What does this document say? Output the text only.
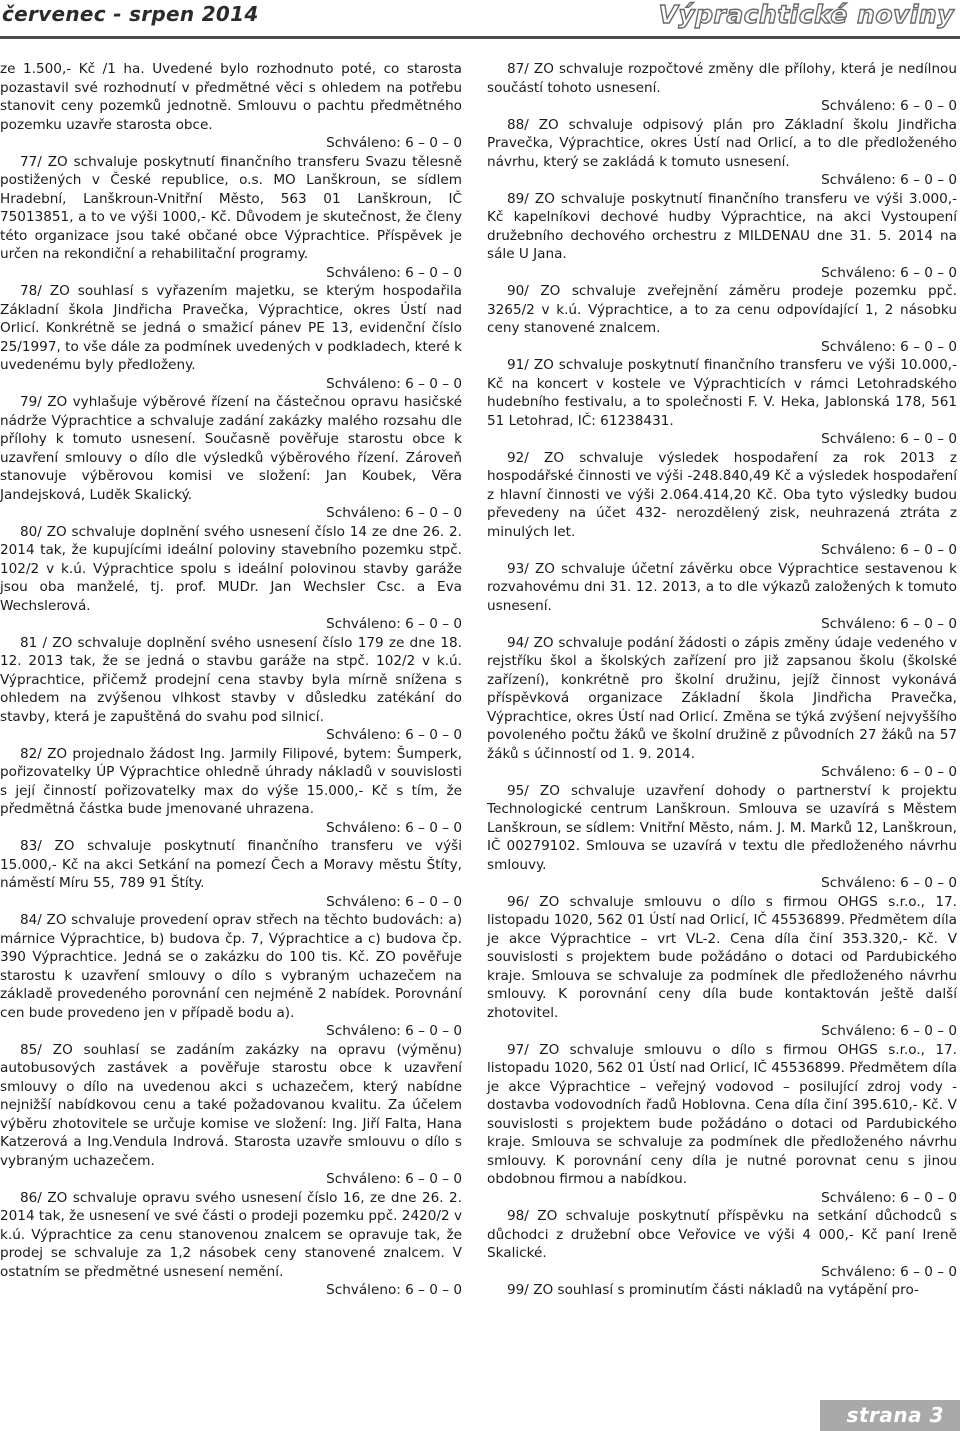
červenec - srpen 2014	Výprachtické noviny

ze 1.500,- Kč /1 ha. Uvedené bylo rozhodnuto poté, co starosta pozastavil své rozhodnutí v předmětné věci s ohledem na potřebu stanovit ceny pozemků jednotně. Smlouvu o pachtu předmětného pozemku uzavře starosta obce.

Schváleno: 6 – 0 – 0

77/ ZO schvaluje poskytnutí finančního transferu Svazu tělesně postižených v České republice, o.s. MO Lanškroun, se sídlem Hradební, Lanškroun-Vnitřní Město, 563 01 Lanškroun, IČ 75013851, a to ve výši 1000,- Kč. Důvodem je skutečnost, že členy této organizace jsou také občané obce Výprachtice. Příspěvek je určen na rekondiční a rehabilitační programy.

Schváleno: 6 – 0 – 0

78/ ZO souhlasí s vyřazením majetku, se kterým hospodařila Základní škola Jindřicha Pravečka, Výprachtice, okres Ústí nad Orlicí. Konkrétně se jedná o smažicí pánev PE 13, evidenční číslo 25/1997, to vše dále za podmínek uvedených v podkladech, které k uvedenému byly předloženy.

Schváleno: 6 – 0 – 0

79/ ZO vyhlašuje výběrové řízení na částečnou opravu hasičské nádrže Výprachtice a schvaluje zadání zakázky malého rozsahu dle přílohy k tomuto usnesení. Současně pověřuje starostu obce k uzavření smlouvy o dílo dle výsledků výběrového řízení. Zároveň stanovuje výběrovou komisi ve složení: Jan Koubek, Věra Jandejsková, Luděk Skalický.

Schváleno: 6 – 0 – 0

80/ ZO schvaluje doplnění svého usnesení číslo 14 ze dne 26. 2. 2014 tak, že kupujícími ideální poloviny stavebního pozemku stpč. 102/2 v k.ú. Výprachtice spolu s ideální polovinou stavby garáže jsou oba manželé, tj. prof. MUDr. Jan Wechsler Csc. a Eva Wechslerová.

Schváleno: 6 – 0 – 0

81 / ZO schvaluje doplnění svého usnesení číslo 179 ze dne 18. 12. 2013 tak, že se jedná o stavbu garáže na stpč. 102/2 v k.ú. Výprachtice, přičemž prodejní cena stavby byla mírně snížena s ohledem na zvýšenou vlhkost stavby v důsledku zatékání do stavby, která je zapuštěná do svahu pod silnicí.

Schváleno: 6 – 0 – 0

82/ ZO projednalo žádost Ing. Jarmily Filipové, bytem: Šumperk, pořizovatelky ÚP Výprachtice ohledně úhrady nákladů v souvislosti s její činností pořizovatelky max do výše 15.000,- Kč s tím, že předmětná částka bude jmenované uhrazena.

Schváleno: 6 – 0 – 0

83/ ZO schvaluje poskytnutí finančního transferu ve výši 15.000,- Kč na akci Setkání na pomezí Čech a Moravy městu Štíty, náměstí Míru 55, 789 91 Štíty.

Schváleno: 6 – 0 – 0

84/ ZO schvaluje provedení oprav střech na těchto budovách: a) márnice Výprachtice, b) budova čp. 7, Výprachtice a c) budova čp. 390 Výprachtice. Jedná se o zakázku do 100 tis. Kč. ZO pověřuje starostu k uzavření smlouvy o dílo s vybraným uchazečem na základě provedeného porovnání cen nejméně 2 nabídek. Porovnání cen bude provedeno jen v případě bodu a).

Schváleno: 6 – 0 – 0

85/ ZO souhlasí se zadáním zakázky na opravu (výměnu) autobusových zastávek a pověřuje starostu obce k uzavření smlouvy o dílo na uvedenou akci s uchazečem, který nabídne nejnižší nabídkovou cenu a také požadovanou kvalitu. Za účelem výběru zhotovitele se určuje komise ve složení: Ing. Jiří Falta, Hana Katzerová a Ing.Vendula Indrová. Starosta uzavře smlouvu o dílo s vybraným uchazečem.

Schváleno: 6 – 0 – 0

86/ ZO schvaluje opravu svého usnesení číslo 16, ze dne 26. 2. 2014 tak, že usnesení ve své části o prodeji pozemku ppč. 2420/2 v k.ú. Výprachtice za cenu stanovenou znalcem se opravuje tak, že prodej se schvaluje za 1,2 násobek ceny stanovené znalcem. V ostatním se předmětné usnesení nemění.

Schváleno: 6 – 0 – 0

87/ ZO schvaluje rozpočtové změny dle přílohy, která je nedílnou součástí tohoto usnesení.

Schváleno: 6 – 0 – 0

88/ ZO schvaluje odpisový plán pro Základní školu Jindřicha Pravečka, Výprachtice, okres Ústí nad Orlicí, a to dle předloženého návrhu, který se zakládá k tomuto usnesení.

Schváleno: 6 – 0 – 0

89/ ZO schvaluje poskytnutí finančního transferu ve výši 3.000,- Kč kapelníkovi dechové hudby Výprachtice, na akci Vystoupení družebního dechového orchestru z MILDENAU dne 31. 5. 2014 na sále U Jana.

Schváleno: 6 – 0 – 0

90/ ZO schvaluje zveřejnění záměru prodeje pozemku ppč. 3265/2 v k.ú. Výprachtice, a to za cenu odpovídající 1, 2 násobku ceny stanovené znalcem.

Schváleno: 6 – 0 – 0

91/ ZO schvaluje poskytnutí finančního transferu ve výši 10.000,- Kč na koncert v kostele ve Výprachticích v rámci Letohradského hudebního festivalu, a to společnosti F. V. Heka, Jablonská 178, 561 51 Letohrad, IČ: 61238431.

Schváleno: 6 – 0 – 0

92/ ZO schvaluje výsledek hospodaření za rok 2013 z hospodářské činnosti ve výši -248.840,49 Kč a výsledek hospodaření z hlavní činnosti ve výši 2.064.414,20 Kč. Oba tyto výsledky budou převedeny na účet 432- nerozdělený zisk, neuhrazená ztráta z minulých let.

Schváleno: 6 – 0 – 0

93/ ZO schvaluje účetní závěrku obce Výprachtice sestavenou k rozvahovému dni 31. 12. 2013, a to dle výkazů založených k tomuto usnesení.

Schváleno: 6 – 0 – 0

94/ ZO schvaluje podání žádosti o zápis změny údaje vedeného v rejstříku škol a školských zařízení pro již zapsanou školu (školské zařízení), konkrétně pro školní družinu, jejíž činnost vykonává příspěvková organizace Základní škola Jindřicha Pravečka, Výprachtice, okres Ústí nad Orlicí. Změna se týká zvýšení nejvyššího povoleného počtu žáků ve školní družině z původních 27 žáků na 57 žáků s účinností od 1. 9. 2014.

Schváleno: 6 – 0 – 0

95/ ZO schvaluje uzavření dohody o partnerství k projektu Technologické centrum Lanškroun. Smlouva se uzavírá s Městem Lanškroun, se sídlem: Vnitřní Město, nám. J. M. Marků 12, Lanškroun, IČ 00279102. Smlouva se uzavírá v textu dle předloženého návrhu smlouvy.

Schváleno: 6 – 0 – 0

96/ ZO schvaluje smlouvu o dílo s firmou OHGS s.r.o., 17. listopadu 1020, 562 01 Ústí nad Orlicí, IČ 45536899. Předmětem díla je akce Výprachtice – vrt VL-2. Cena díla činí 353.320,- Kč. V souvislosti s projektem bude požádáno o dotaci od Pardubického kraje. Smlouva se schvaluje za podmínek dle předloženého návrhu smlouvy. K porovnání ceny díla bude kontaktován ještě další zhotovitel.

Schváleno: 6 – 0 – 0

97/ ZO schvaluje smlouvu o dílo s firmou OHGS s.r.o., 17. listopadu 1020, 562 01 Ústí nad Orlicí, IČ 45536899. Předmětem díla je akce Výprachtice – veřejný vodovod – posilující zdroj vody - dostavba vodovodních řadů Hoblovna. Cena díla činí 395.610,- Kč. V souvislosti s projektem bude požádáno o dotaci od Pardubického kraje. Smlouva se schvaluje za podmínek dle předloženého návrhu smlouvy. K porovnání ceny díla je nutné porovnat cenu s jinou obdobnou firmou a nabídkou.

Schváleno: 6 – 0 – 0

98/ ZO schvaluje poskytnutí příspěvku na setkání důchodců s důchodci z družební obce Veřovice ve výši 4 000,- Kč paní Ireně Skalické.

Schváleno: 6 – 0 – 0

99/ ZO souhlasí s prominutím části nákladů na vytápění pro-

strana 3
